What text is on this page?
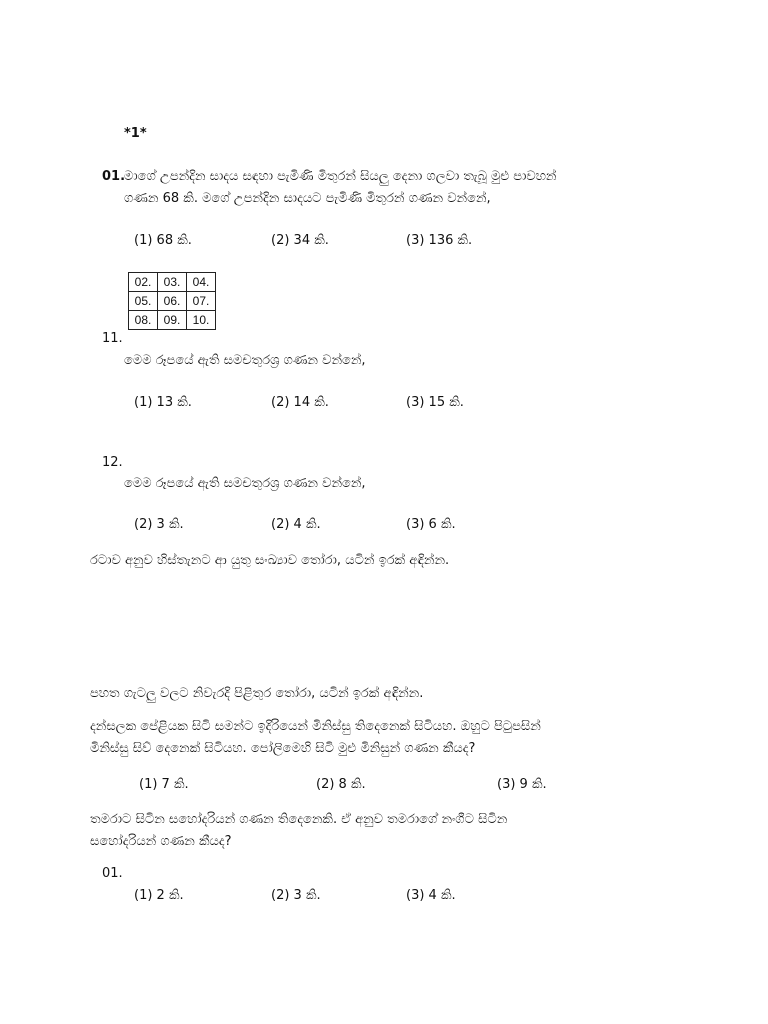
*1*
01.
මාගේ උපන්දින සාදය සඳහා පැමිණි මිතුරන් සියලු දෙනා ගලවා තැබූ මුළු පාවහන්
ගණන 68 කි. මගේ උපන්දින සාදයට පැමිණි මිතුරන් ගණන වන්නේ,
(1) 68 කි.	(2) 34 කි.	(3) 136 කි.
02.	03.	04.
05.	06.	07.
08.	09.	10.
11.
මෙම රූපයේ ඇති සමචතුරශ්‍ර ගණන වන්නේ,
(1) 13 කි.	(2) 14 කි.	(3) 15 කි.
12.
මෙම රූපයේ ඇති සමචතුරශ්‍ර ගණන වන්නේ,
(2) 3 කි.	(2) 4 කි.	(3) 6 කි.
රටාව අනුව හිස්තැනට ආ යුතු සංඛ්‍යාව තෝරා, යටින් ඉරක් අඳින්න.
පහත ගැටලු වලට නිවැරදි පිළිතුර තෝරා, යටින් ඉරක් අඳින්න.
දන්සලක පේළියක සිටි සමන්ට ඉදිරියෙන් මිනිස්සු තිදෙනෙක් සිටියහ. ඔහුට පිටුපසින්
මිනිස්සු සිව් දෙනෙක් සිටියහ. පෝලිමෙහි සිටි මුළු මිනිසුන් ගණන කීයද?
(1) 7 කි.	(2) 8 කි.	(3) 9 කි.
තමරාට සිටින සහෝදරියන් ගණන තිදෙනෙකි. ඒ අනුව තමරාගේ නංගීට සිටින
සහෝදරියන් ගණන කීයද?
01.
(1) 2 කි.	(2) 3 කි.	(3) 4 කි.
